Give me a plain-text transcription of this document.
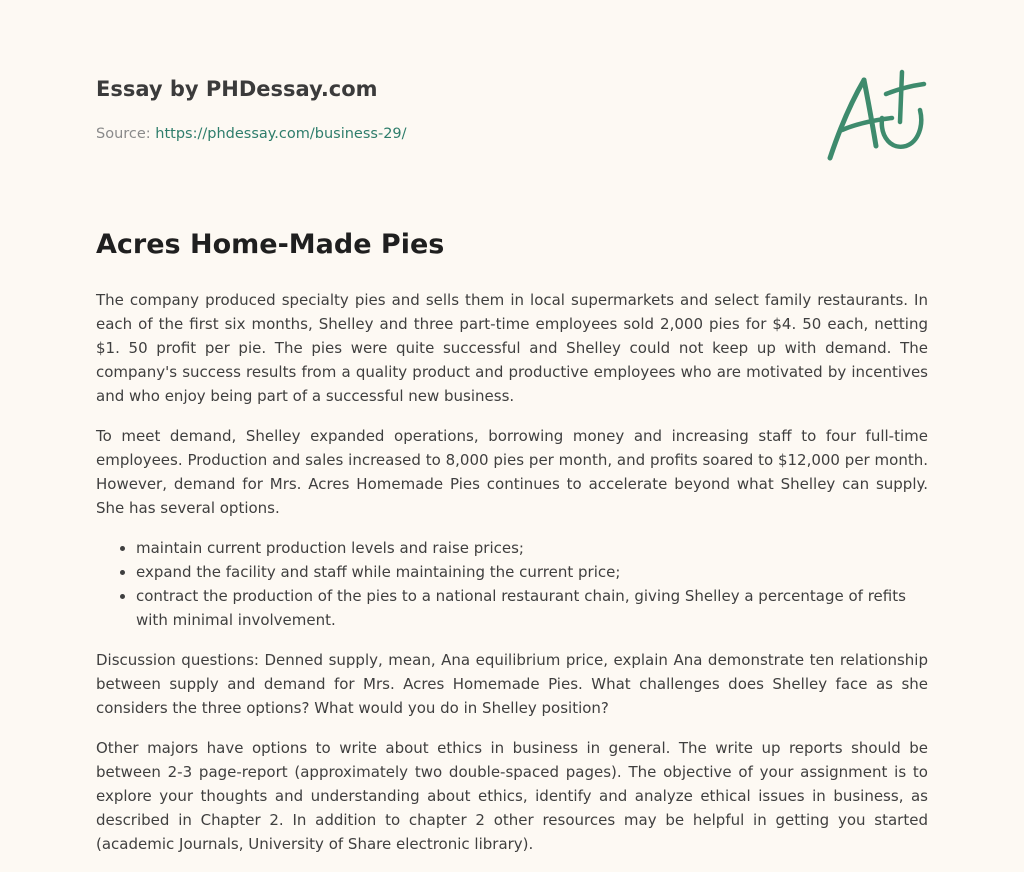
Essay by PHDessay.com
Source: https://phdessay.com/business-29/
Acres Home-Made Pies

The company produced specialty pies and sells them in local supermarkets and select family restaurants. In each of the first six months, Shelley and three part-time employees sold 2,000 pies for $4. 50 each, netting $1. 50 profit per pie. The pies were quite successful and Shelley could not keep up with demand. The company's success results from a quality product and productive employees who are motivated by incentives and who enjoy being part of a successful new business.

To meet demand, Shelley expanded operations, borrowing money and increasing staff to four full-time employees. Production and sales increased to 8,000 pies per month, and profits soared to $12,000 per month. However, demand for Mrs. Acres Homemade Pies continues to accelerate beyond what Shelley can supply. She has several options.

• maintain current production levels and raise prices;
• expand the facility and staff while maintaining the current price;
• contract the production of the pies to a national restaurant chain, giving Shelley a percentage of refits with minimal involvement.

Discussion questions: Denned supply, mean, Ana equilibrium price, explain Ana demonstrate ten relationship between supply and demand for Mrs. Acres Homemade Pies. What challenges does Shelley face as she considers the three options? What would you do in Shelley position?

Other majors have options to write about ethics in business in general. The write up reports should be between 2-3 page-report (approximately two double-spaced pages). The objective of your assignment is to explore your thoughts and understanding about ethics, identify and analyze ethical issues in business, as described in Chapter 2. In addition to chapter 2 other resources may be helpful in getting you started (academic Journals, University of Share electronic library).
